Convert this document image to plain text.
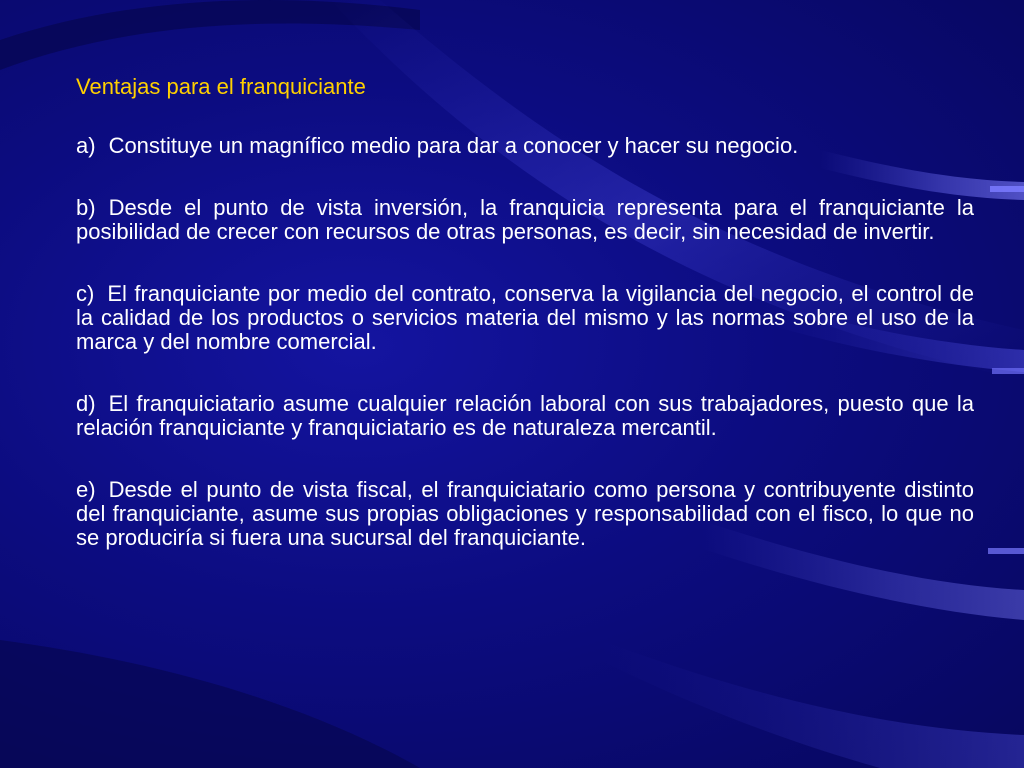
Ventajas para el franquiciante
a) Constituye un magnífico medio para dar a conocer y hacer su negocio.
b) Desde el punto de vista inversión, la franquicia representa para el franquiciante la posibilidad de crecer con recursos de otras personas, es decir, sin necesidad de invertir.
c) El franquiciante por medio del contrato, conserva la vigilancia del negocio, el control de la calidad de los productos o servicios materia del mismo y las normas sobre el uso de la marca y del nombre comercial.
d) El franquiciatario asume cualquier relación laboral con sus trabajadores, puesto que la relación franquiciante y franquiciatario es de naturaleza mercantil.
e) Desde el punto de vista fiscal, el franquiciatario como persona y contribuyente distinto del franquiciante, asume sus propias obligaciones y responsabilidad con el fisco, lo que no se produciría si fuera una sucursal del franquiciante.
